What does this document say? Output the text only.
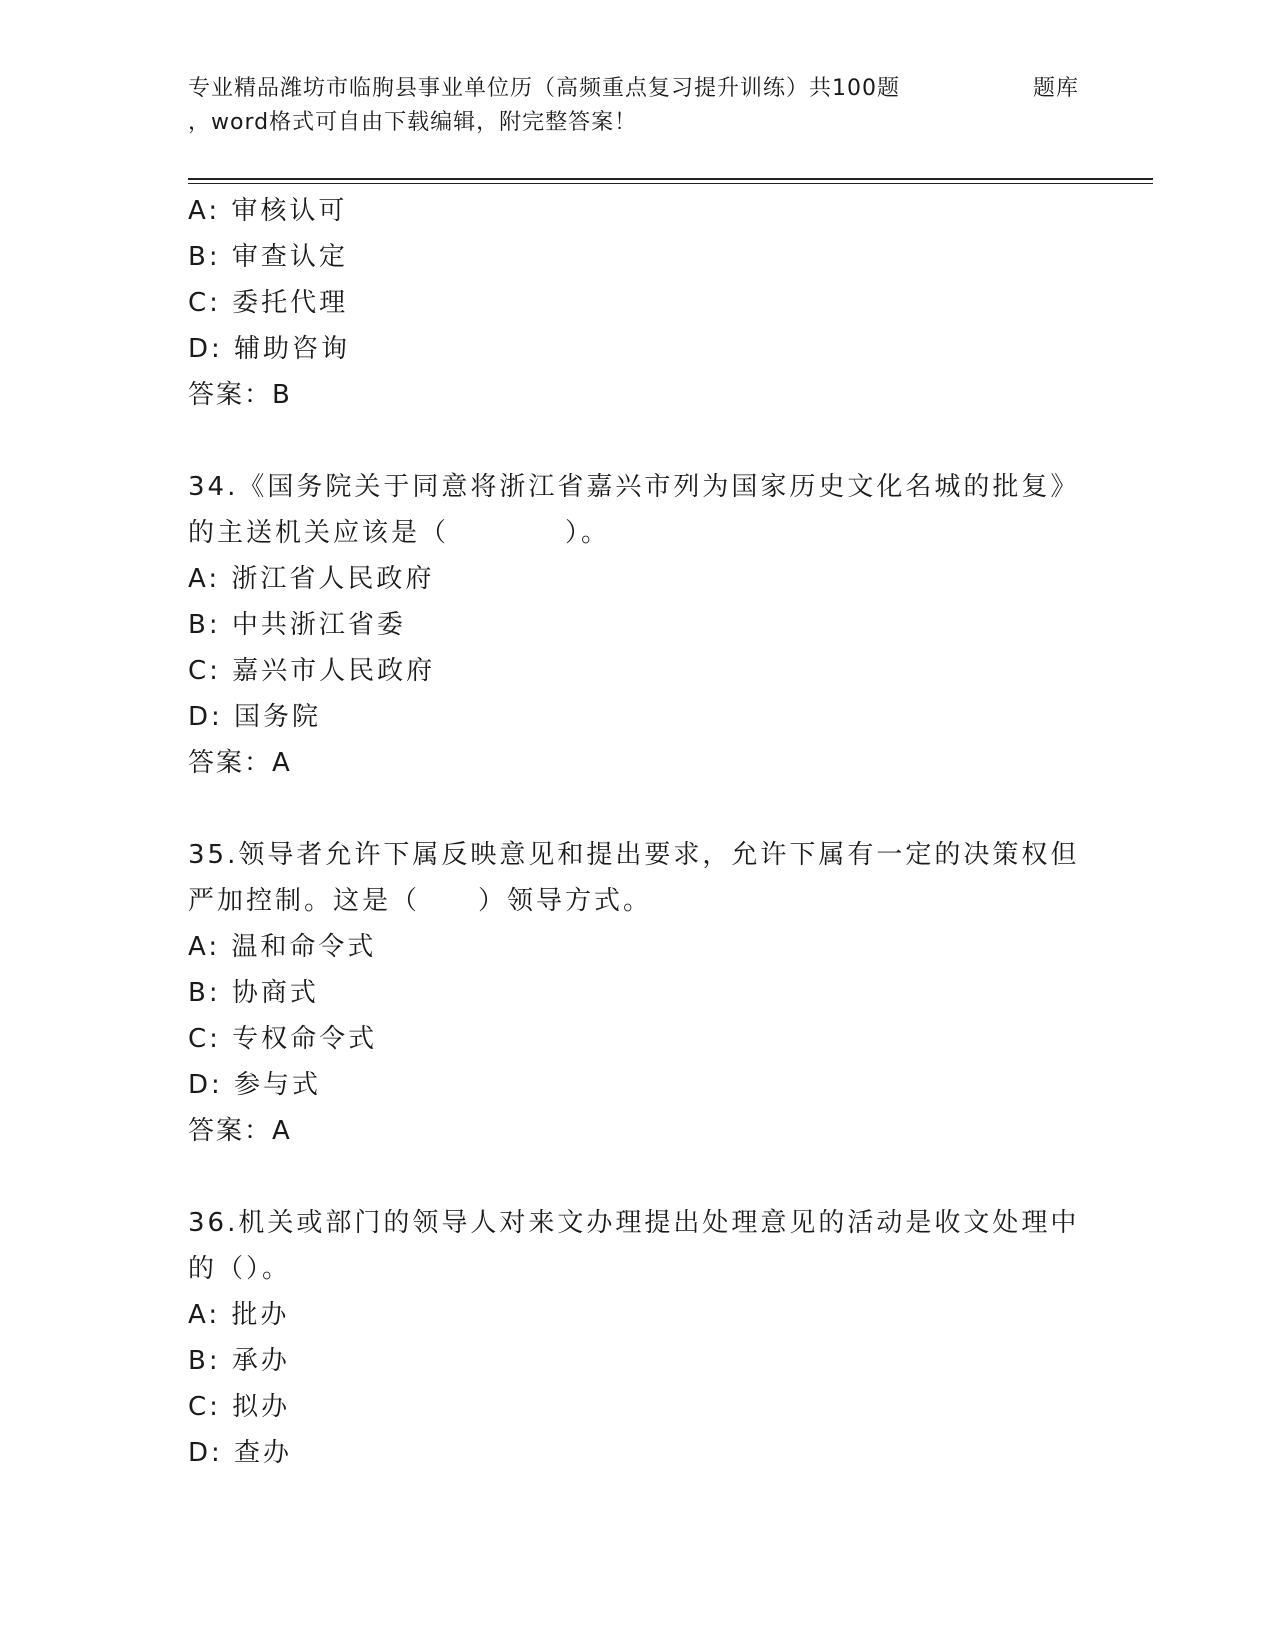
专业精品潍坊市临朐县事业单位历（高频重点复习提升训练）共100题	题库
，word格式可自由下载编辑，附完整答案！
A: 审核认可
B: 审查认定
C: 委托代理
D: 辅助咨询
答案：B
34.《国务院关于同意将浙江省嘉兴市列为国家历史文化名城的批复》
的主送机关应该是（　　　　）。
A: 浙江省人民政府
B: 中共浙江省委
C: 嘉兴市人民政府
D: 国务院
答案：A
35.领导者允许下属反映意见和提出要求，允许下属有一定的决策权但
严加控制。这是（　　）领导方式。
A: 温和命令式
B: 协商式
C: 专权命令式
D: 参与式
答案：A
36.机关或部门的领导人对来文办理提出处理意见的活动是收文处理中
的（）。
A: 批办
B: 承办
C: 拟办
D: 查办
